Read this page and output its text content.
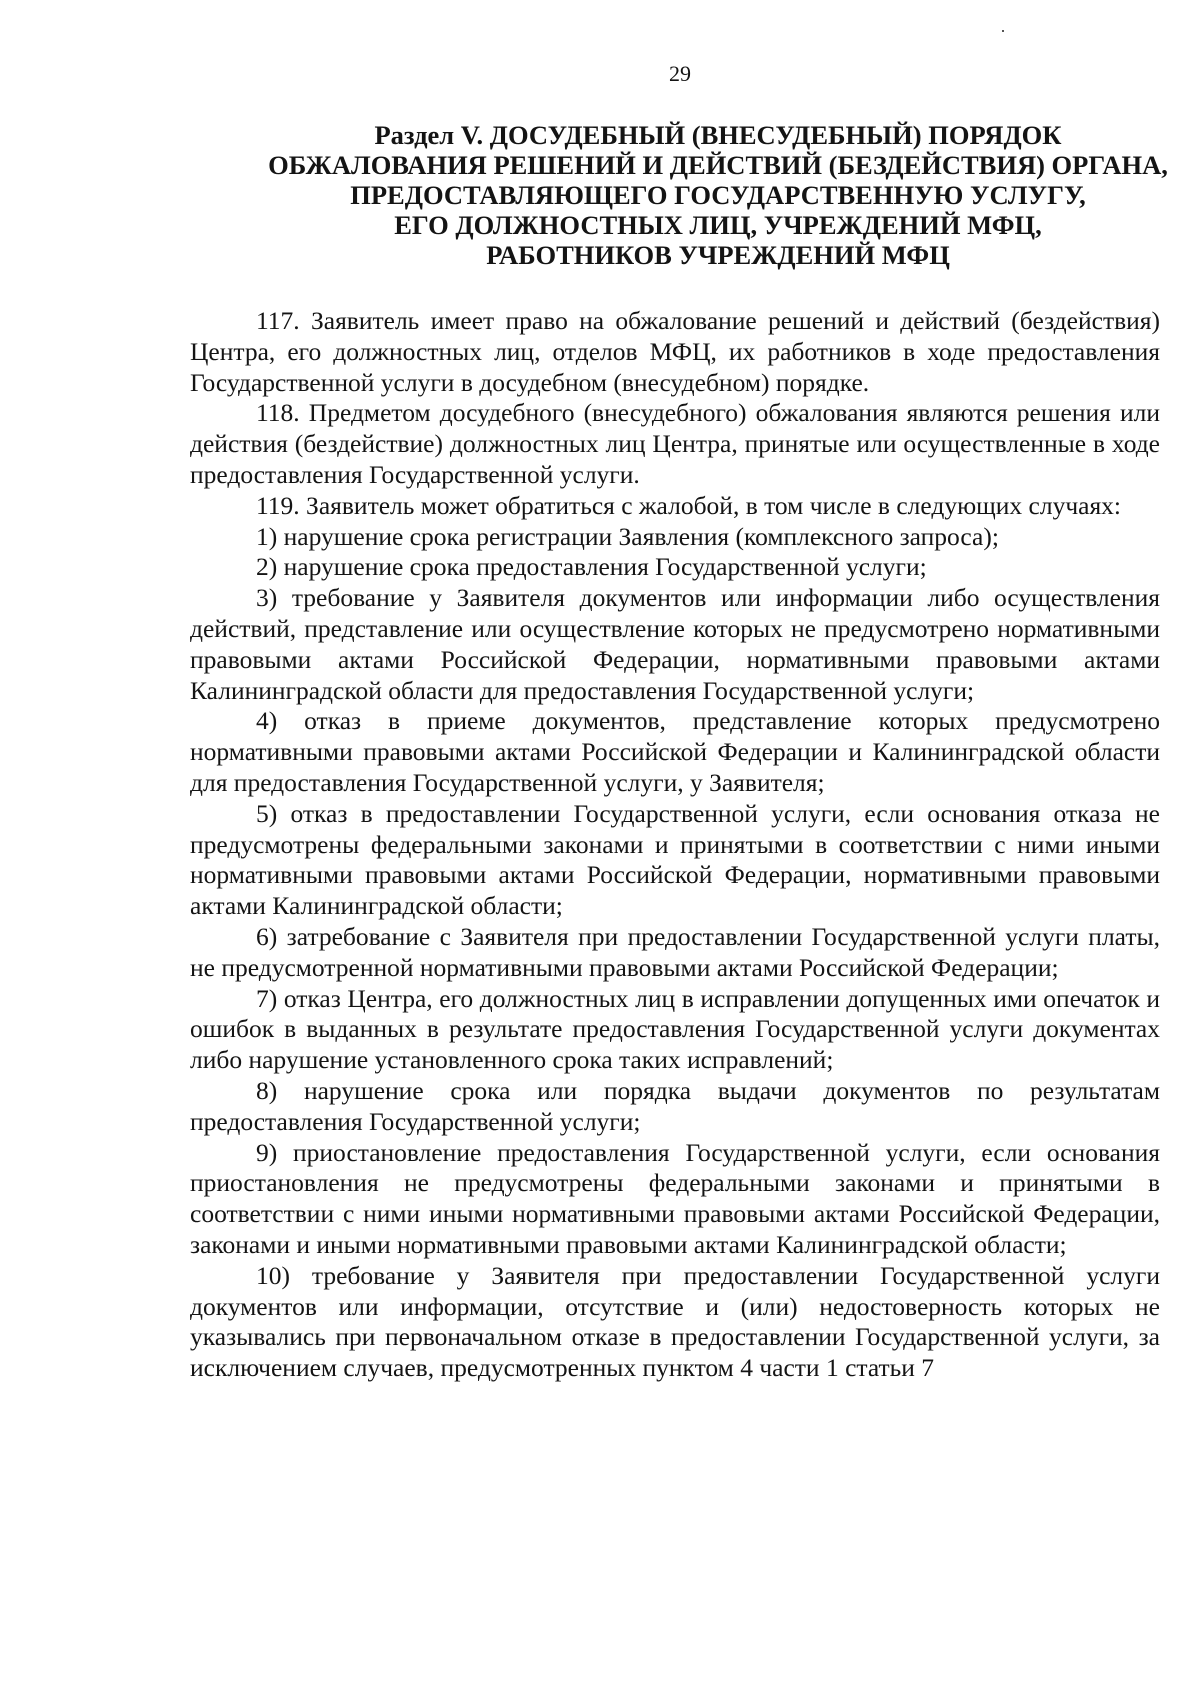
29
Раздел V. ДОСУДЕБНЫЙ (ВНЕСУДЕБНЫЙ) ПОРЯДОК
ОБЖАЛОВАНИЯ РЕШЕНИЙ И ДЕЙСТВИЙ (БЕЗДЕЙСТВИЯ) ОРГАНА,
ПРЕДОСТАВЛЯЮЩЕГО ГОСУДАРСТВЕННУЮ УСЛУГУ,
ЕГО ДОЛЖНОСТНЫХ ЛИЦ, УЧРЕЖДЕНИЙ МФЦ,
РАБОТНИКОВ УЧРЕЖДЕНИЙ МФЦ

117. Заявитель имеет право на обжалование решений и действий (бездействия) Центра, его должностных лиц, отделов МФЦ, их работников в ходе предоставления Государственной услуги в досудебном (внесудебном) порядке.

118. Предметом досудебного (внесудебного) обжалования являются решения или действия (бездействие) должностных лиц Центра, принятые или осуществленные в ходе предоставления Государственной услуги.

119. Заявитель может обратиться с жалобой, в том числе в следующих случаях:

1) нарушение срока регистрации Заявления (комплексного запроса);

2) нарушение срока предоставления Государственной услуги;

3) требование у Заявителя документов или информации либо осуществления действий, представление или осуществление которых не предусмотрено нормативными правовыми актами Российской Федерации, нормативными правовыми актами Калининградской области для предоставления Государственной услуги;

4) отказ в приеме документов, представление которых предусмотрено нормативными правовыми актами Российской Федерации и Калининградской области для предоставления Государственной услуги, у Заявителя;

5) отказ в предоставлении Государственной услуги, если основания отказа не предусмотрены федеральными законами и принятыми в соответствии с ними иными нормативными правовыми актами Российской Федерации, нормативными правовыми актами Калининградской области;

6) затребование с Заявителя при предоставлении Государственной услуги платы, не предусмотренной нормативными правовыми актами Российской Федерации;

7) отказ Центра, его должностных лиц в исправлении допущенных ими опечаток и ошибок в выданных в результате предоставления Государственной услуги документах либо нарушение установленного срока таких исправлений;

8) нарушение срока или порядка выдачи документов по результатам предоставления Государственной услуги;

9) приостановление предоставления Государственной услуги, если основания приостановления не предусмотрены федеральными законами и принятыми в соответствии с ними иными нормативными правовыми актами Российской Федерации, законами и иными нормативными правовыми актами Калининградской области;

10) требование у Заявителя при предоставлении Государственной услуги документов или информации, отсутствие и (или) недостоверность которых не указывались при первоначальном отказе в предоставлении Государственной услуги, за исключением случаев, предусмотренных пунктом 4 части 1 статьи 7
